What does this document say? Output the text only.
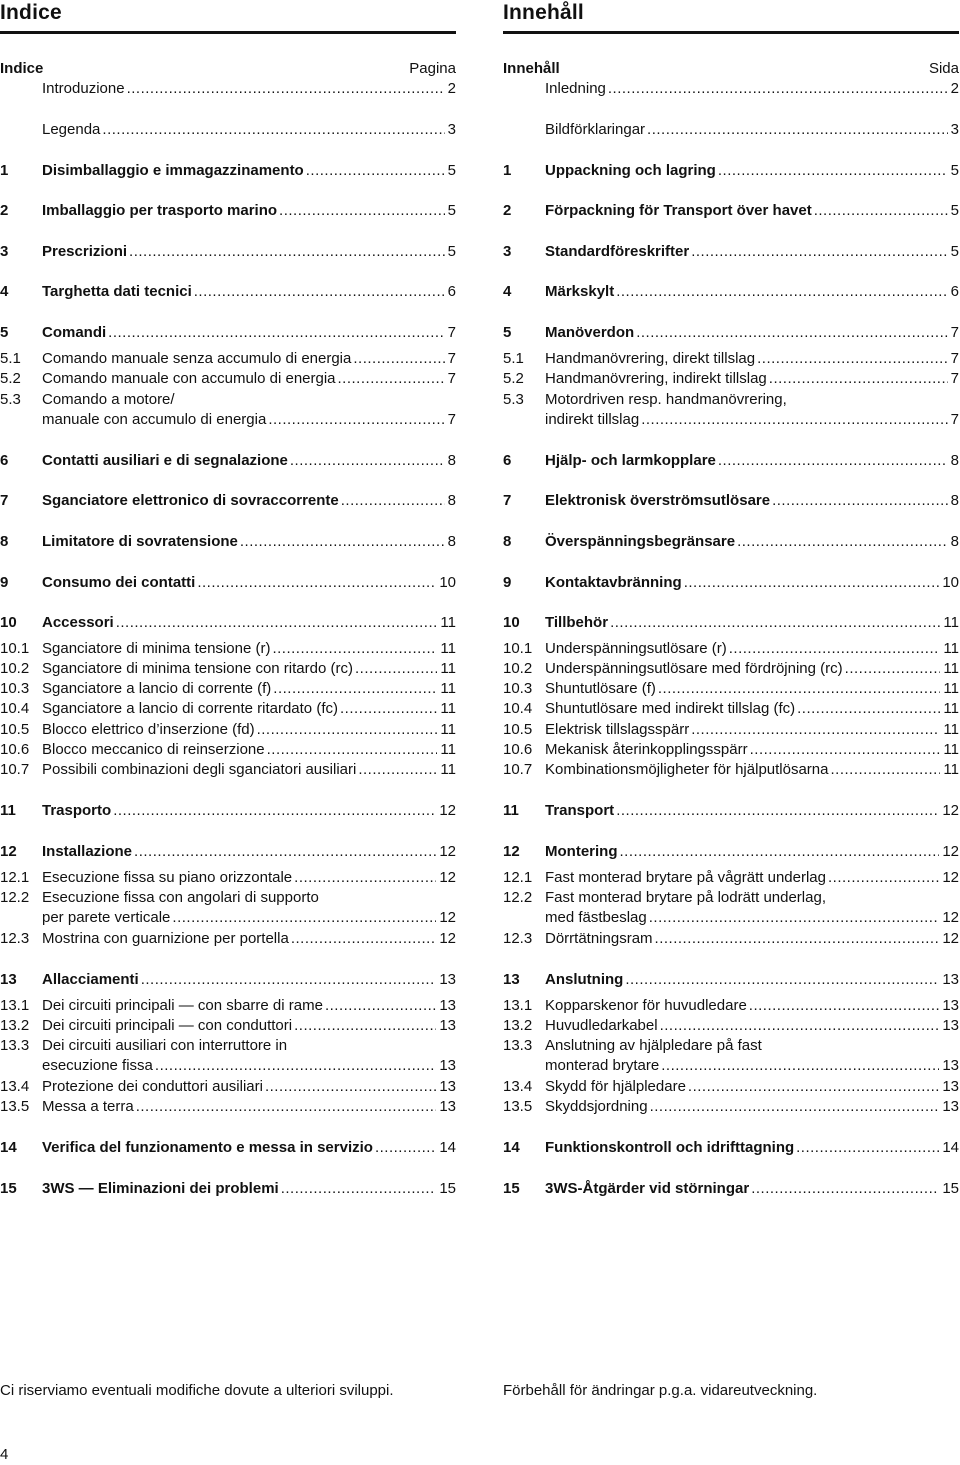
Indice
Indice	Pagina
Introduzione .....	2
Legenda .....	3
1	Disimballaggio e immagazzinamento .....	5
2	Imballaggio per trasporto marino .....	5
3	Prescrizioni .....	5
4	Targhetta dati tecnici .....	6
5	Comandi .....	7
5.1	Comando manuale senza accumulo di energia .....	7
5.2	Comando manuale con accumulo di energia .....	7
5.3	Comando a motore/
manuale con accumulo di energia .....	7
6	Contatti ausiliari e di segnalazione .....	8
7	Sganciatore elettronico di sovraccorrente .....	8
8	Limitatore di sovratensione .....	8
9	Consumo dei contatti .....	10
10	Accessori .....	11
10.1 Sganciatore di minima tensione (r) .....	11
10.2 Sganciatore di minima tensione con ritardo (rc) .....	11
10.3 Sganciatore a lancio di corrente (f) .....	11
10.4 Sganciatore a lancio di corrente ritardato (fc) .....	11
10.5 Blocco elettrico d’inserzione (fd) .....	11
10.6 Blocco meccanico di reinserzione .....	11
10.7 Possibili combinazioni degli sganciatori ausiliari .....	11
11	Trasporto .....	12
12	Installazione .....	12
12.1 Esecuzione fissa su piano orizzontale .....	12
12.2 Esecuzione fissa con angolari di supporto
per parete verticale .....	12
12.3 Mostrina con guarnizione per portella .....	12
13	Allacciamenti .....	13
13.1 Dei circuiti principali — con sbarre di rame .....	13
13.2 Dei circuiti principali — con conduttori .....	13
13.3 Dei circuiti ausiliari con interruttore in
esecuzione fissa .....	13
13.4 Protezione dei conduttori ausiliari .....	13
13.5 Messa a terra .....	13
14	Verifica del funzionamento e messa in servizio .....	14
15	3WS — Eliminazioni dei problemi .....	15
Innehåll
Innehåll	Sida
Inledning .....	2
Bildförklaringar .....	3
1	Uppackning och lagring .....	5
2	Förpackning för Transport över havet .....	5
3	Standardföreskrifter .....	5
4	Märkskylt .....	6
5	Manöverdon .....	7
5.1	Handmanövrering, direkt tillslag .....	7
5.2	Handmanövrering, indirekt tillslag .....	7
5.3	Motordriven resp. handmanövrering,
indirekt tillslag .....	7
6	Hjälp- och larmkopplare .....	8
7	Elektronisk överströmsutlösare .....	8
8	Överspänningsbegränsare .....	8
9	Kontaktavbränning .....	10
10	Tillbehör .....	11
10.1 Underspänningsutlösare (r) .....	11
10.2 Underspänningsutlösare med fördröjning (rc) .....	11
10.3 Shuntutlösare (f) .....	11
10.4 Shuntutlösare med indirekt tillslag (fc) .....	11
10.5 Elektrisk tillslagsspärr .....	11
10.6 Mekanisk återinkopplingsspärr .....	11
10.7 Kombinationsmöjligheter för hjälputlösarna .....	11
11	Transport .....	12
12	Montering .....	12
12.1 Fast monterad brytare på vågrätt underlag .....	12
12.2 Fast monterad brytare på lodrätt underlag,
med fästbeslag .....	12
12.3 Dörrtätningsram .....	12
13	Anslutning .....	13
13.1 Kopparskenor för huvudledare .....	13
13.2 Huvudledarkabel .....	13
13.3 Anslutning av hjälpledare på fast
monterad brytare .....	13
13.4 Skydd för hjälpledare .....	13
13.5 Skyddsjordning .....	13
14	Funktionskontroll och idrifttagning .....	14
15	3WS-Åtgärder vid störningar .....	15
Ci riserviamo eventuali modifiche dovute a ulteriori sviluppi.	Förbehåll för ändringar p.g.a. vidareutveckning.
4
